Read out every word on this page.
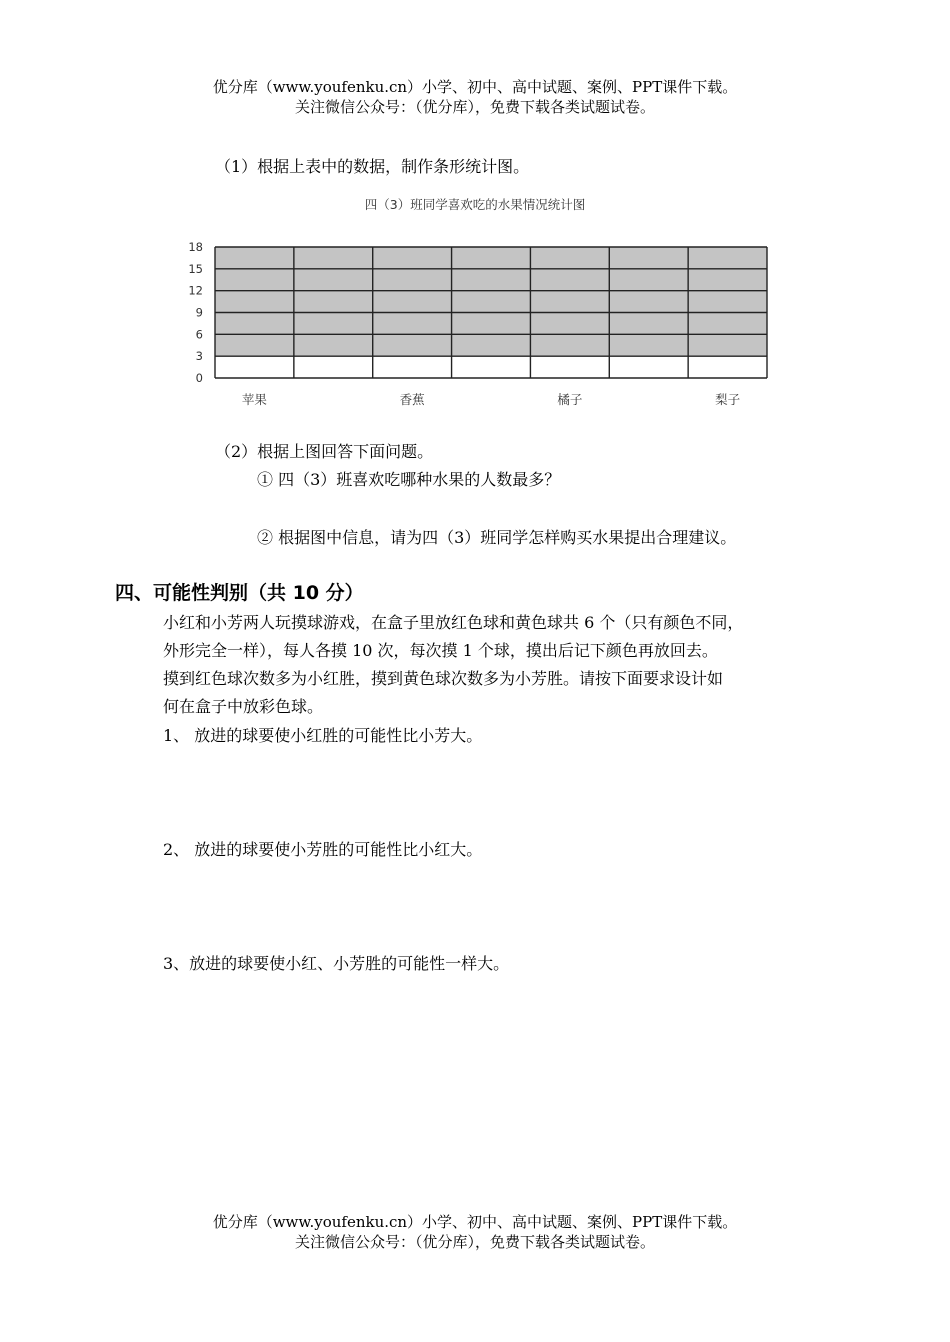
优分库（www.youfenku.cn）小学、初中、高中试题、案例、PPT课件下载。
关注微信公众号：（优分库），免费下载各类试题试卷。
（1）根据上表中的数据，制作条形统计图。
四（3）班同学喜欢吃的水果情况统计图
0
3
6
9
12
15
18
苹果	香蕉	橘子	梨子
（2）根据上图回答下面问题。
① 四（3）班喜欢吃哪种水果的人数最多？
② 根据图中信息，请为四（3）班同学怎样购买水果提出合理建议。
四、可能性判别（共 10 分）
小红和小芳两人玩摸球游戏，在盒子里放红色球和黄色球共 6 个（只有颜色不同，
外形完全一样），每人各摸 10 次，每次摸 1 个球，摸出后记下颜色再放回去。
摸到红色球次数多为小红胜，摸到黄色球次数多为小芳胜。请按下面要求设计如
何在盒子中放彩色球。
1、 放进的球要使小红胜的可能性比小芳大。
2、 放进的球要使小芳胜的可能性比小红大。
3、放进的球要使小红、小芳胜的可能性一样大。
优分库（www.youfenku.cn）小学、初中、高中试题、案例、PPT课件下载。
关注微信公众号：（优分库），免费下载各类试题试卷。
